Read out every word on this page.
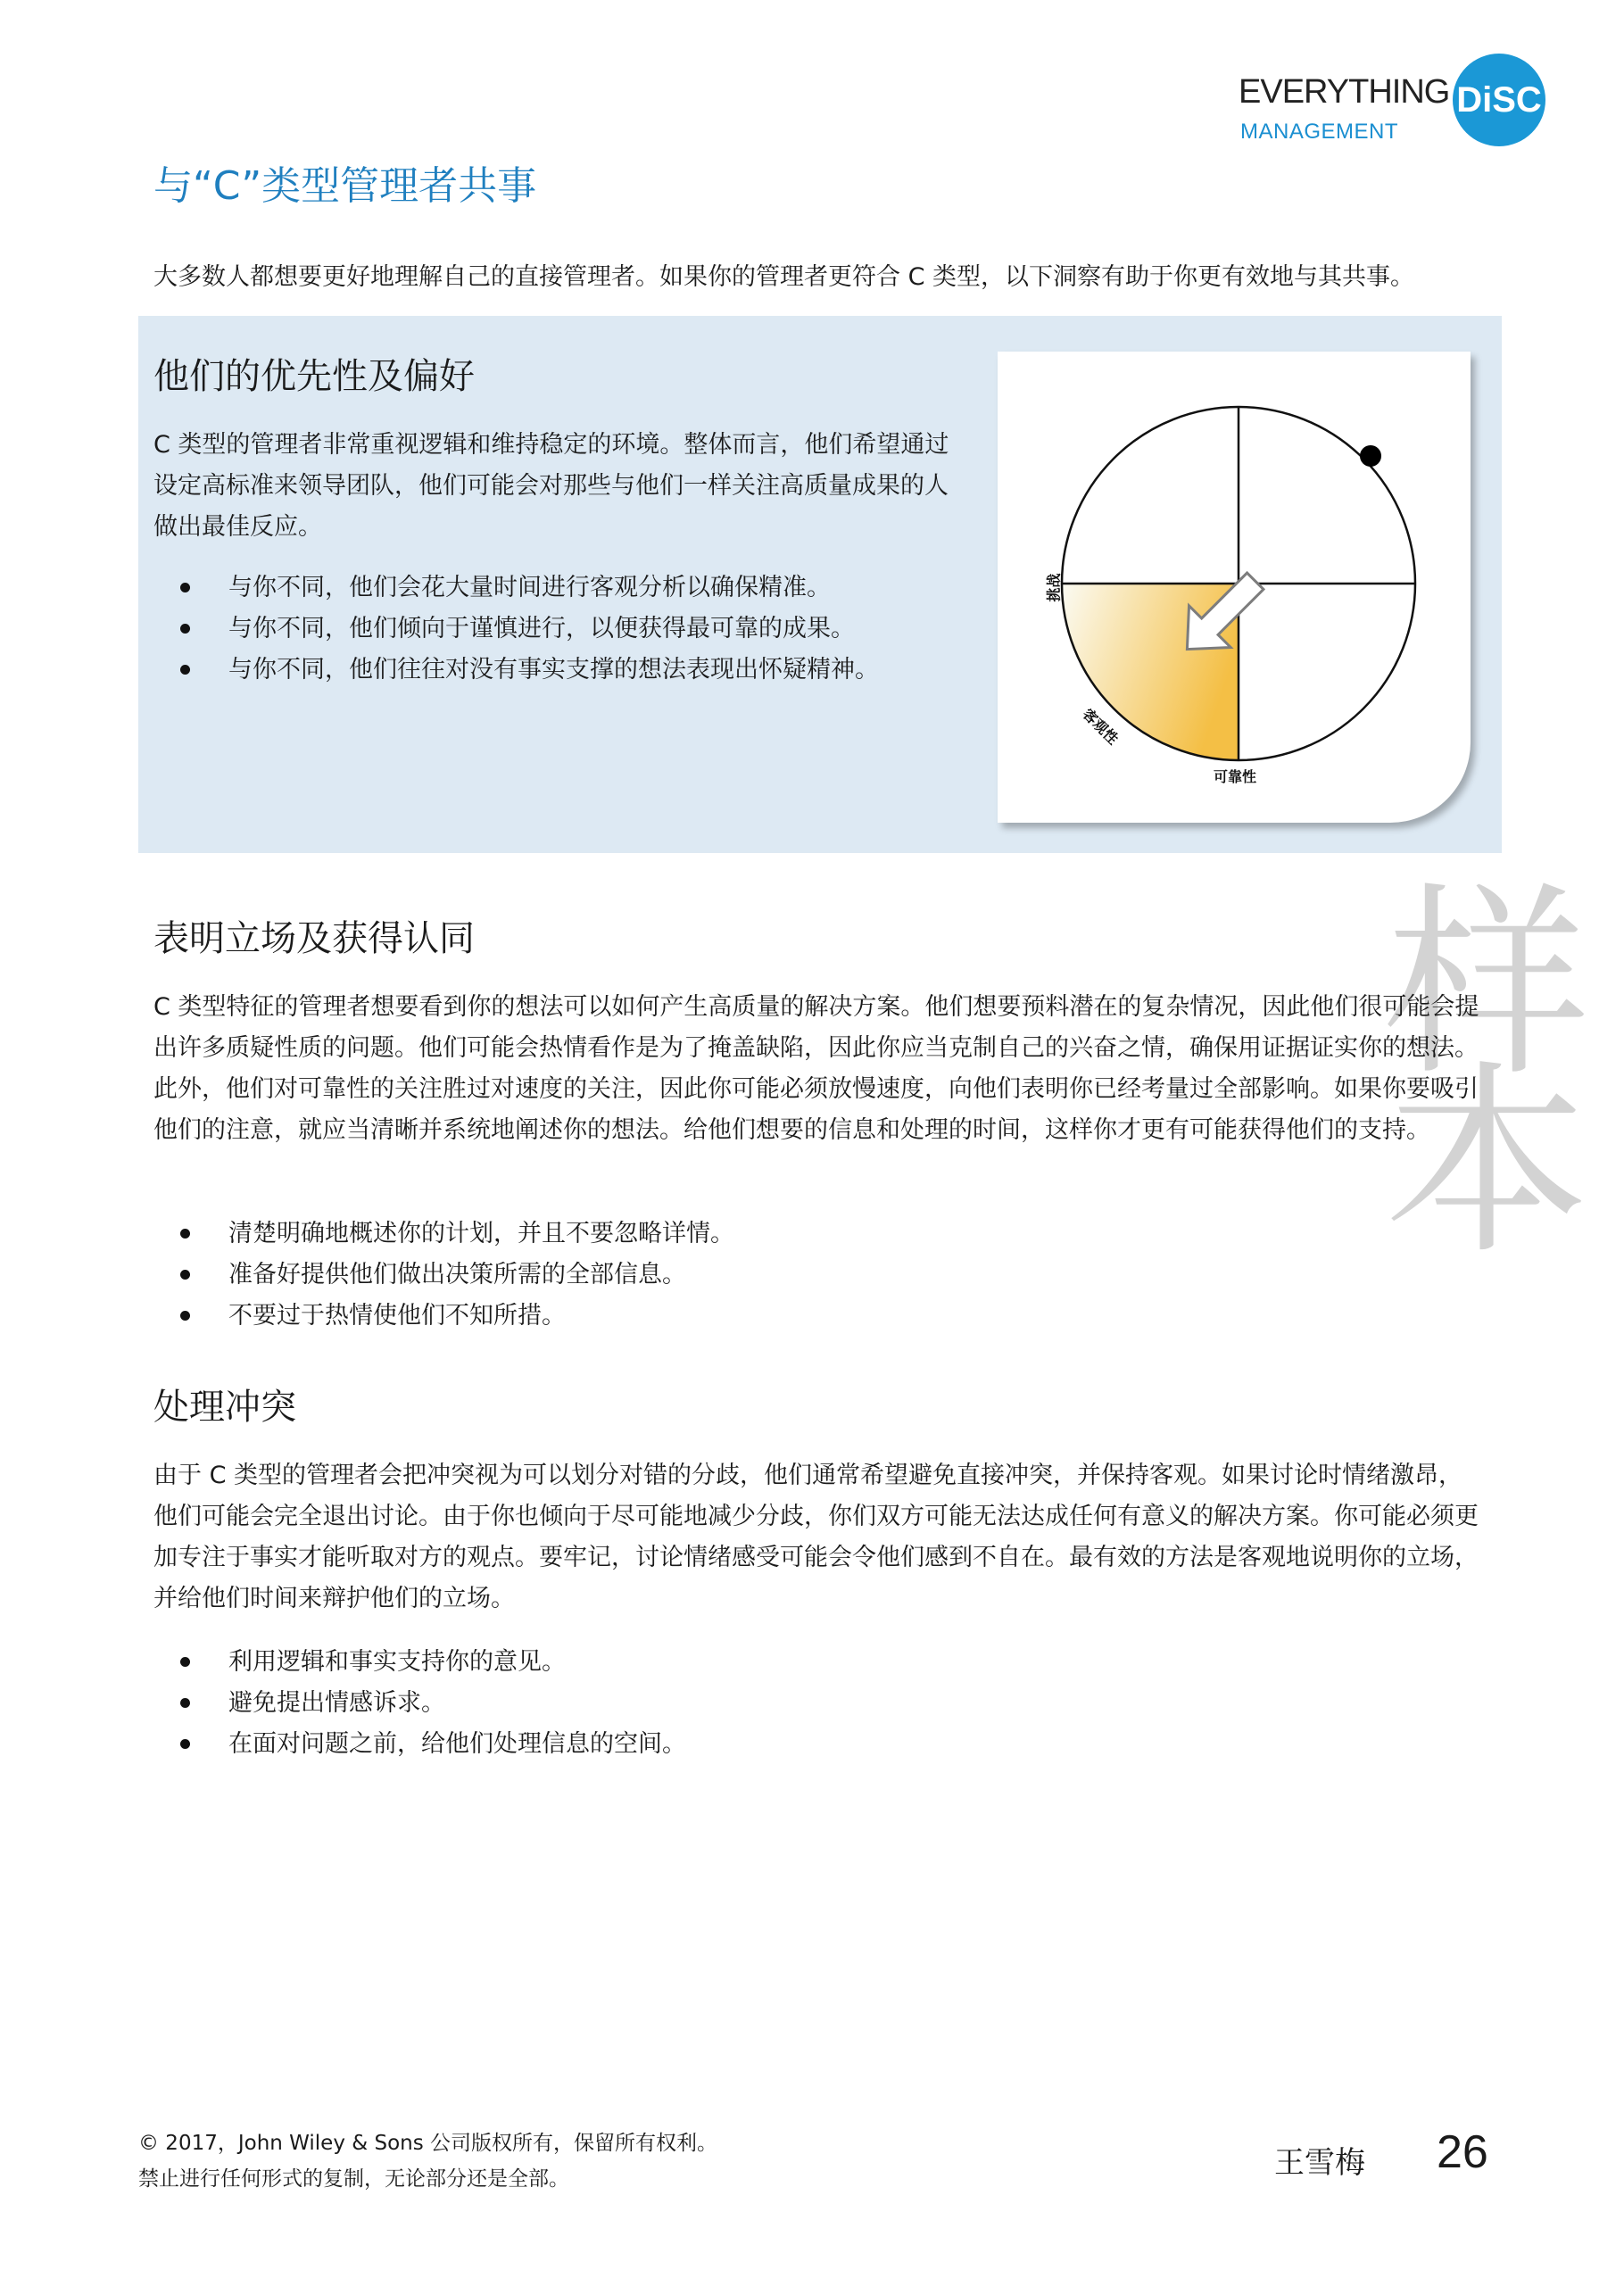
EVERYTHING DiSC
MANAGEMENT
与“C”类型管理者共事
大多数人都想要更好地理解自己的直接管理者。如果你的管理者更符合 C 类型，以下洞察有助于你更有效地与其共事。
他们的优先性及偏好
C 类型的管理者非常重视逻辑和维持稳定的环境。整体而言，他们希望通过设定高标准来领导团队，他们可能会对那些与他们一样关注高质量成果的人做出最佳反应。
与你不同，他们会花大量时间进行客观分析以确保精准。
与你不同，他们倾向于谨慎进行，以便获得最可靠的成果。
与你不同，他们往往对没有事实支撑的想法表现出怀疑精神。
挑战
客观性
可靠性
样本
表明立场及获得认同
C 类型特征的管理者想要看到你的想法可以如何产生高质量的解决方案。他们想要预料潜在的复杂情况，因此他们很可能会提出许多质疑性质的问题。他们可能会热情看作是为了掩盖缺陷，因此你应当克制自己的兴奋之情，确保用证据证实你的想法。 此外，他们对可靠性的关注胜过对速度的关注，因此你可能必须放慢速度，向他们表明你已经考量过全部影响。如果你要吸引他们的注意，就应当清晰并系统地阐述你的想法。给他们想要的信息和处理的时间，这样你才更有可能获得他们的支持。
清楚明确地概述你的计划，并且不要忽略详情。
准备好提供他们做出决策所需的全部信息。
不要过于热情使他们不知所措。
处理冲突
由于 C 类型的管理者会把冲突视为可以划分对错的分歧，他们通常希望避免直接冲突，并保持客观。如果讨论时情绪激昂，他们可能会完全退出讨论。由于你也倾向于尽可能地减少分歧，你们双方可能无法达成任何有意义的解决方案。你可能必须更加专注于事实才能听取对方的观点。要牢记，讨论情绪感受可能会令他们感到不自在。最有效的方法是客观地说明你的立场，并给他们时间来辩护他们的立场。
利用逻辑和事实支持你的意见。
避免提出情感诉求。
在面对问题之前，给他们处理信息的空间。
© 2017，John Wiley & Sons 公司版权所有，保留所有权利。
禁止进行任何形式的复制，无论部分还是全部。	王雪梅 26
